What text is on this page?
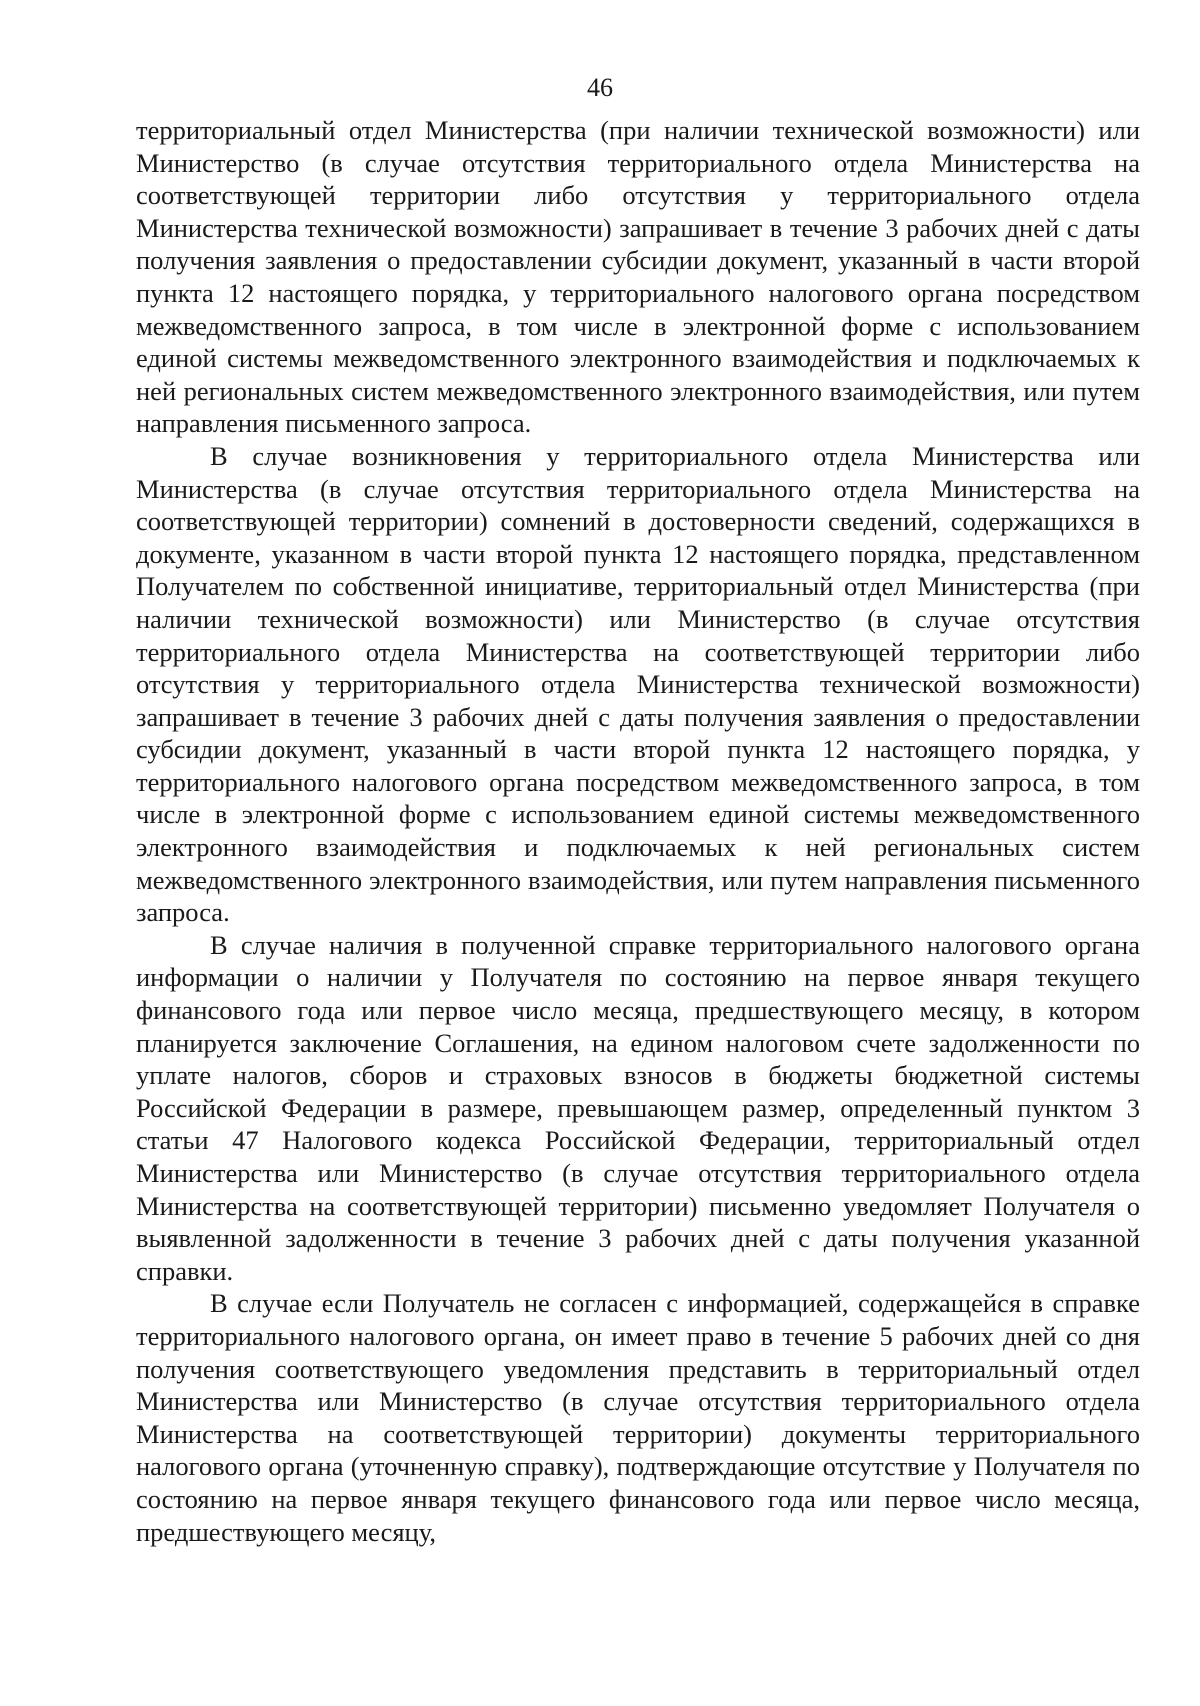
46

территориальный отдел Министерства (при наличии технической возможности) или Министерство (в случае отсутствия территориального отдела Министерства на соответствующей территории либо отсутствия у территориального отдела Министерства технической возможности) запрашивает в течение 3 рабочих дней с даты получения заявления о предоставлении субсидии документ, указанный в части второй пункта 12 настоящего порядка, у территориального налогового органа посредством межведомственного запроса, в том числе в электронной форме с использованием единой системы межведомственного электронного взаимодействия и подключаемых к ней региональных систем межведомственного электронного взаимодействия, или путем направления письменного запроса.

В случае возникновения у территориального отдела Министерства или Министерства (в случае отсутствия территориального отдела Министерства на соответствующей территории) сомнений в достоверности сведений, содержащихся в документе, указанном в части второй пункта 12 настоящего порядка, представленном Получателем по собственной инициативе, территориальный отдел Министерства (при наличии технической возможности) или Министерство (в случае отсутствия территориального отдела Министерства на соответствующей территории либо отсутствия у территориального отдела Министерства технической возможности) запрашивает в течение 3 рабочих дней с даты получения заявления о предоставлении субсидии документ, указанный в части второй пункта 12 настоящего порядка, у территориального налогового органа посредством межведомственного запроса, в том числе в электронной форме с использованием единой системы межведомственного электронного взаимодействия и подключаемых к ней региональных систем межведомственного электронного взаимодействия, или путем направления письменного запроса.

В случае наличия в полученной справке территориального налогового органа информации о наличии у Получателя по состоянию на первое января текущего финансового года или первое число месяца, предшествующего месяцу, в котором планируется заключение Соглашения, на едином налоговом счете задолженности по уплате налогов, сборов и страховых взносов в бюджеты бюджетной системы Российской Федерации в размере, превышающем размер, определенный пунктом 3 статьи 47 Налогового кодекса Российской Федерации, территориальный отдел Министерства или Министерство (в случае отсутствия территориального отдела Министерства на соответствующей территории) письменно уведомляет Получателя о выявленной задолженности в течение 3 рабочих дней с даты получения указанной справки.

В случае если Получатель не согласен с информацией, содержащейся в справке территориального налогового органа, он имеет право в течение 5 рабочих дней со дня получения соответствующего уведомления представить в территориальный отдел Министерства или Министерство (в случае отсутствия территориального отдела Министерства на соответствующей территории) документы территориального налогового органа (уточненную справку), подтверждающие отсутствие у Получателя по состоянию на первое января текущего финансового года или первое число месяца, предшествующего месяцу,
